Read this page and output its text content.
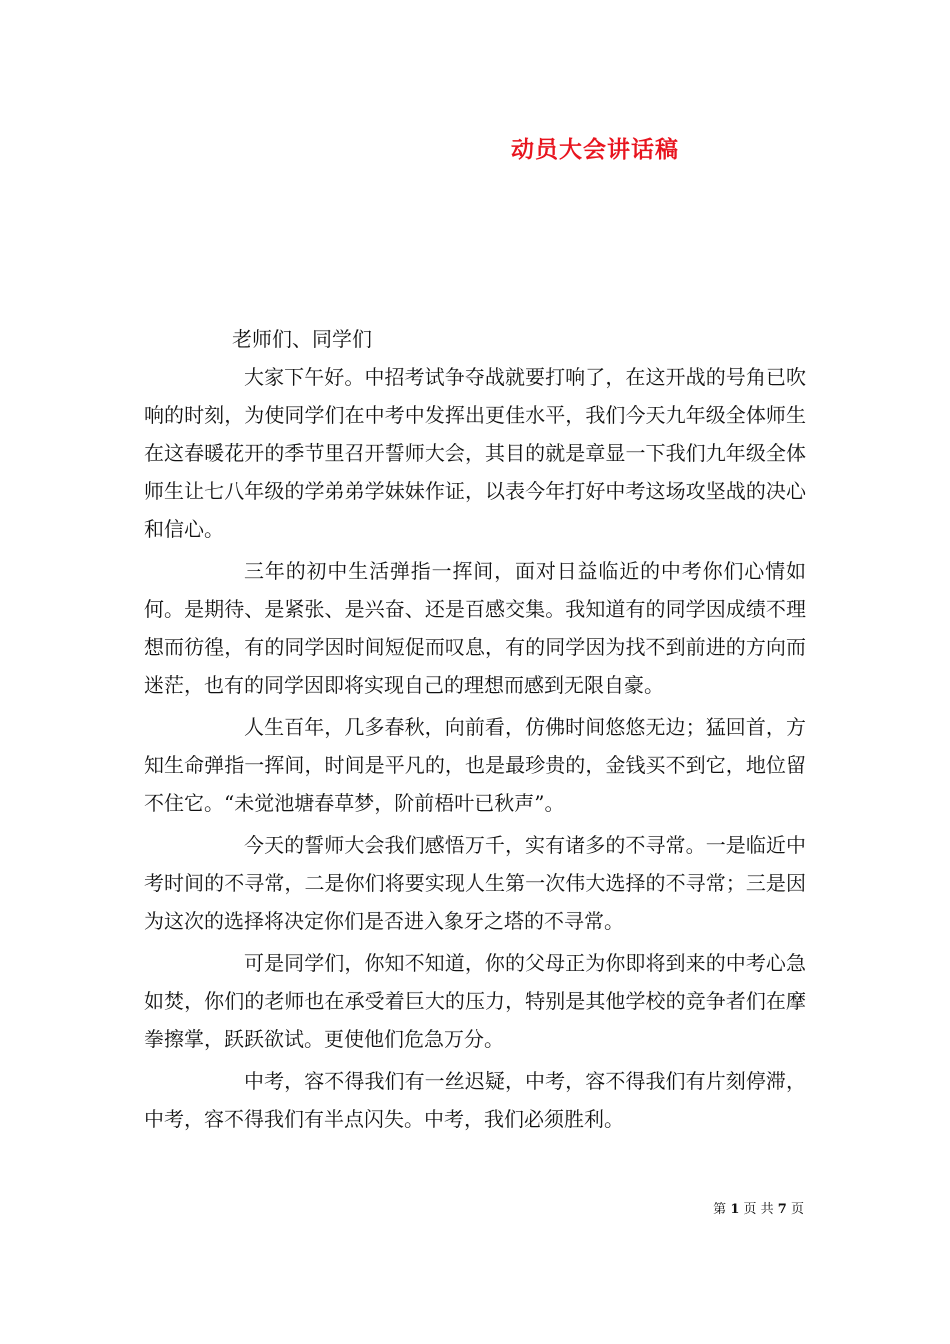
动员大会讲话稿
老师们、同学们

大家下午好。中招考试争夺战就要打响了，在这开战的号角已吹响的时刻，为使同学们在中考中发挥出更佳水平，我们今天九年级全体师生在这春暖花开的季节里召开誓师大会，其目的就是章显一下我们九年级全体师生让七八年级的学弟弟学妹妹作证，以表今年打好中考这场攻坚战的决心和信心。

三年的初中生活弹指一挥间，面对日益临近的中考你们心情如何。是期待、是紧张、是兴奋、还是百感交集。我知道有的同学因成绩不理想而彷徨，有的同学因时间短促而叹息，有的同学因为找不到前进的方向而迷茫，也有的同学因即将实现自己的理想而感到无限自豪。

人生百年，几多春秋，向前看，仿佛时间悠悠无边；猛回首，方知生命弹指一挥间，时间是平凡的，也是最珍贵的，金钱买不到它，地位留不住它。“未觉池塘春草梦，阶前梧叶已秋声”。

今天的誓师大会我们感悟万千，实有诸多的不寻常。一是临近中考时间的不寻常，二是你们将要实现人生第一次伟大选择的不寻常；三是因为这次的选择将决定你们是否进入象牙之塔的不寻常。

可是同学们，你知不知道，你的父母正为你即将到来的中考心急如焚，你们的老师也在承受着巨大的压力，特别是其他学校的竞争者们在摩拳擦掌，跃跃欲试。更使他们危急万分。

中考，容不得我们有一丝迟疑，中考，容不得我们有片刻停滞，中考，容不得我们有半点闪失。中考，我们必须胜利。

第 1 页 共 7 页
